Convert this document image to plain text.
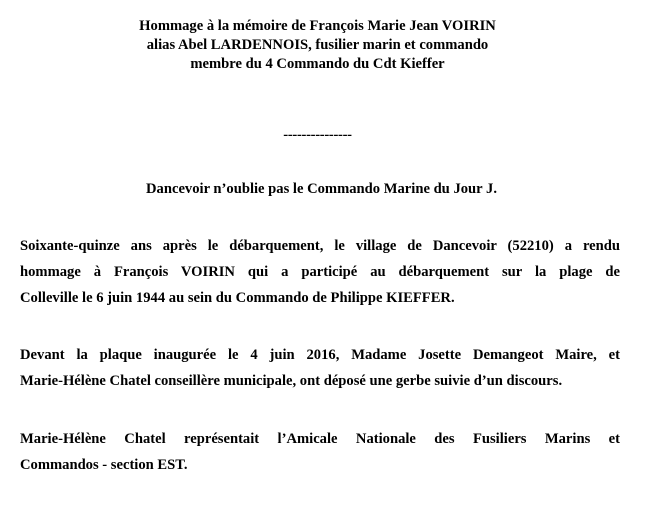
Hommage à la mémoire de François Marie Jean VOIRIN
alias Abel LARDENNOIS, fusilier marin et commando
membre du 4 Commando du Cdt Kieffer
---------------
Dancevoir n’oublie pas le Commando Marine du Jour J.
Soixante-quinze ans après le débarquement, le village de Dancevoir (52210) a rendu
hommage à François VOIRIN qui a participé au débarquement sur la plage de
Colleville le 6 juin 1944 au sein du Commando de Philippe KIEFFER.
Devant la plaque inaugurée le 4 juin 2016, Madame Josette Demangeot Maire, et
Marie-Hélène Chatel conseillère municipale, ont déposé une gerbe suivie d’un discours.
Marie-Hélène Chatel représentait l’Amicale Nationale des Fusiliers Marins et
Commandos - section EST.
